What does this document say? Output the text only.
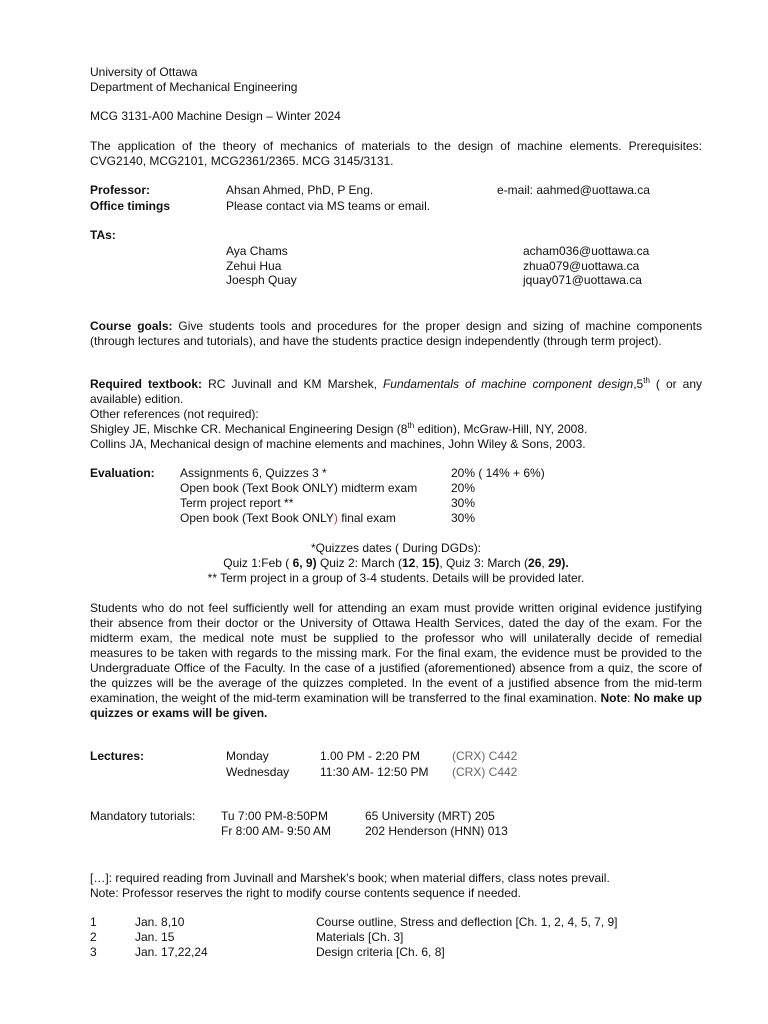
University of Ottawa
Department of Mechanical Engineering
MCG 3131-A00 Machine Design – Winter 2024
The application of the theory of mechanics of materials to the design of machine elements. Prerequisites: CVG2140, MCG2101, MCG2361/2365. MCG 3145/3131.
Professor:	Ahsan Ahmed, PhD, P Eng.	e-mail: aahmed@uottawa.ca
Office timings	Please contact via MS teams or email.
TAs:
Aya Chams	acham036@uottawa.ca
Zehui Hua	zhua079@uottawa.ca
Joesph Quay	jquay071@uottawa.ca
Course goals: Give students tools and procedures for the proper design and sizing of machine components (through lectures and tutorials), and have the students practice design independently (through term project).
Required textbook: RC Juvinall and KM Marshek, Fundamentals of machine component design,5th ( or any available) edition.
Other references (not required):
Shigley JE, Mischke CR. Mechanical Engineering Design (8th edition), McGraw-Hill, NY, 2008.
Collins JA, Mechanical design of machine elements and machines, John Wiley & Sons, 2003.
Evaluation: Assignments 6, Quizzes 3 *	20% ( 14% + 6%)
Open book (Text Book ONLY) midterm exam	20%
Term project report **	30%
Open book (Text Book ONLY) final exam	30%
*Quizzes dates ( During DGDs):
Quiz 1:Feb ( 6, 9) Quiz 2: March (12, 15), Quiz 3: March (26, 29).
** Term project in a group of 3-4 students. Details will be provided later.
Students who do not feel sufficiently well for attending an exam must provide written original evidence justifying their absence from their doctor or the University of Ottawa Health Services, dated the day of the exam. For the midterm exam, the medical note must be supplied to the professor who will unilaterally decide of remedial measures to be taken with regards to the missing mark. For the final exam, the evidence must be provided to the Undergraduate Office of the Faculty. In the case of a justified (aforementioned) absence from a quiz, the score of the quizzes will be the average of the quizzes completed. In the event of a justified absence from the mid-term examination, the weight of the mid-term examination will be transferred to the final examination. Note: No make up quizzes or exams will be given.
Lectures:	Monday	1.00 PM - 2:20 PM	(CRX) C442
Wednesday	11:30 AM- 12:50 PM (CRX) C442
Mandatory tutorials: Tu 7:00 PM-8:50PM	65 University (MRT) 205
Fr 8:00 AM- 9:50 AM	202 Henderson (HNN) 013
[…]: required reading from Juvinall and Marshek’s book; when material differs, class notes prevail.
Note: Professor reserves the right to modify course contents sequence if needed.
1	Jan. 8,10	Course outline, Stress and deflection [Ch. 1, 2, 4, 5, 7, 9]
2	Jan. 15	Materials [Ch. 3]
3	Jan. 17,22,24	Design criteria [Ch. 6, 8]
